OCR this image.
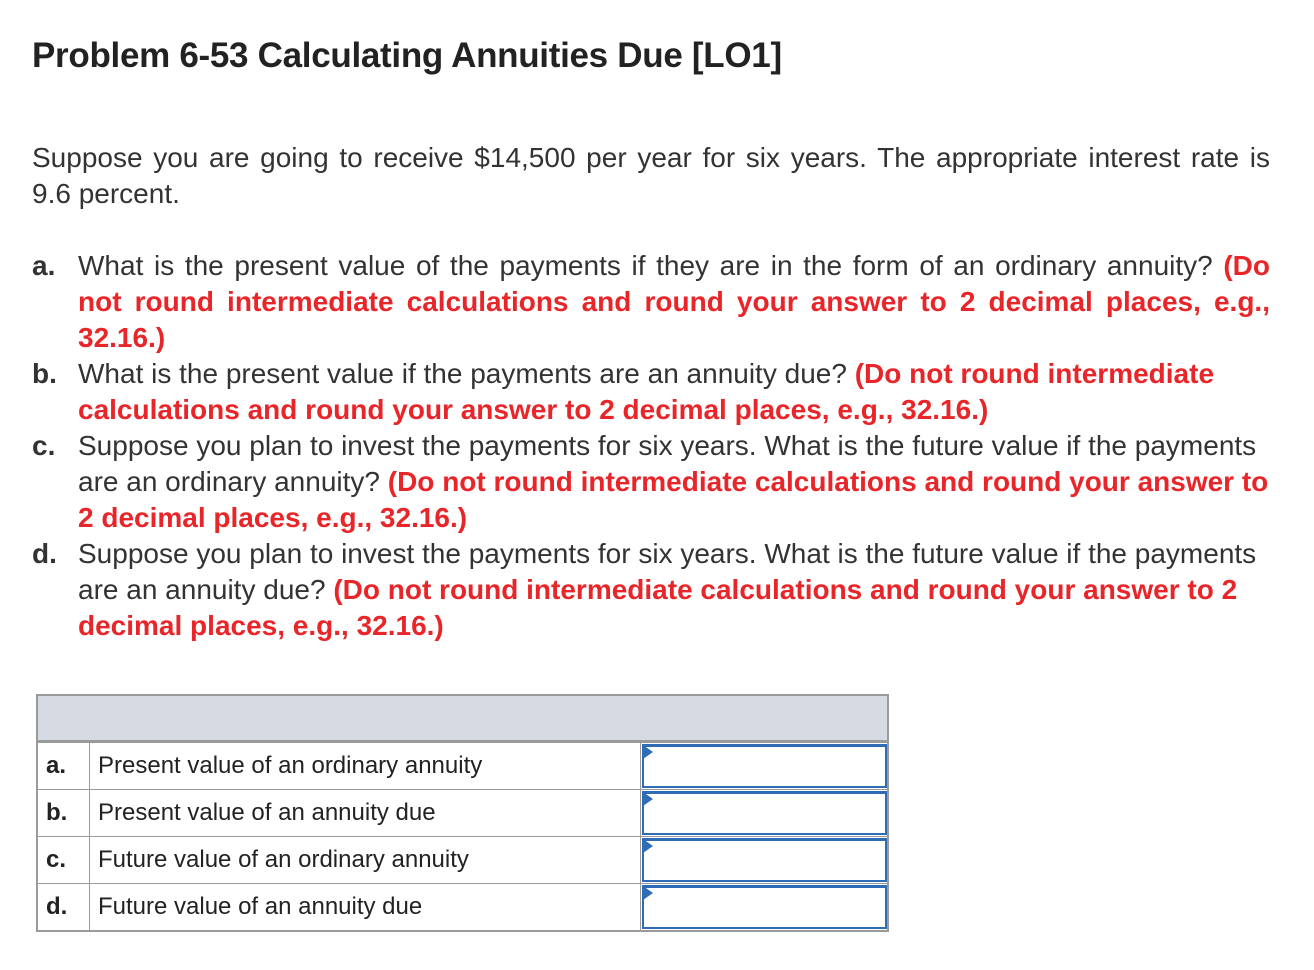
Problem 6-53 Calculating Annuities Due [LO1]
Suppose you are going to receive $14,500 per year for six years. The appropriate interest rate is 9.6 percent.
a. What is the present value of the payments if they are in the form of an ordinary annuity? (Do not round intermediate calculations and round your answer to 2 decimal places, e.g., 32.16.)
b. What is the present value if the payments are an annuity due? (Do not round intermediate calculations and round your answer to 2 decimal places, e.g., 32.16.)
c. Suppose you plan to invest the payments for six years. What is the future value if the payments are an ordinary annuity? (Do not round intermediate calculations and round your answer to 2 decimal places, e.g., 32.16.)
d. Suppose you plan to invest the payments for six years. What is the future value if the payments are an annuity due? (Do not round intermediate calculations and round your answer to 2 decimal places, e.g., 32.16.)
a.	Present value of an ordinary annuity
b.	Present value of an annuity due
c.	Future value of an ordinary annuity
d.	Future value of an annuity due
